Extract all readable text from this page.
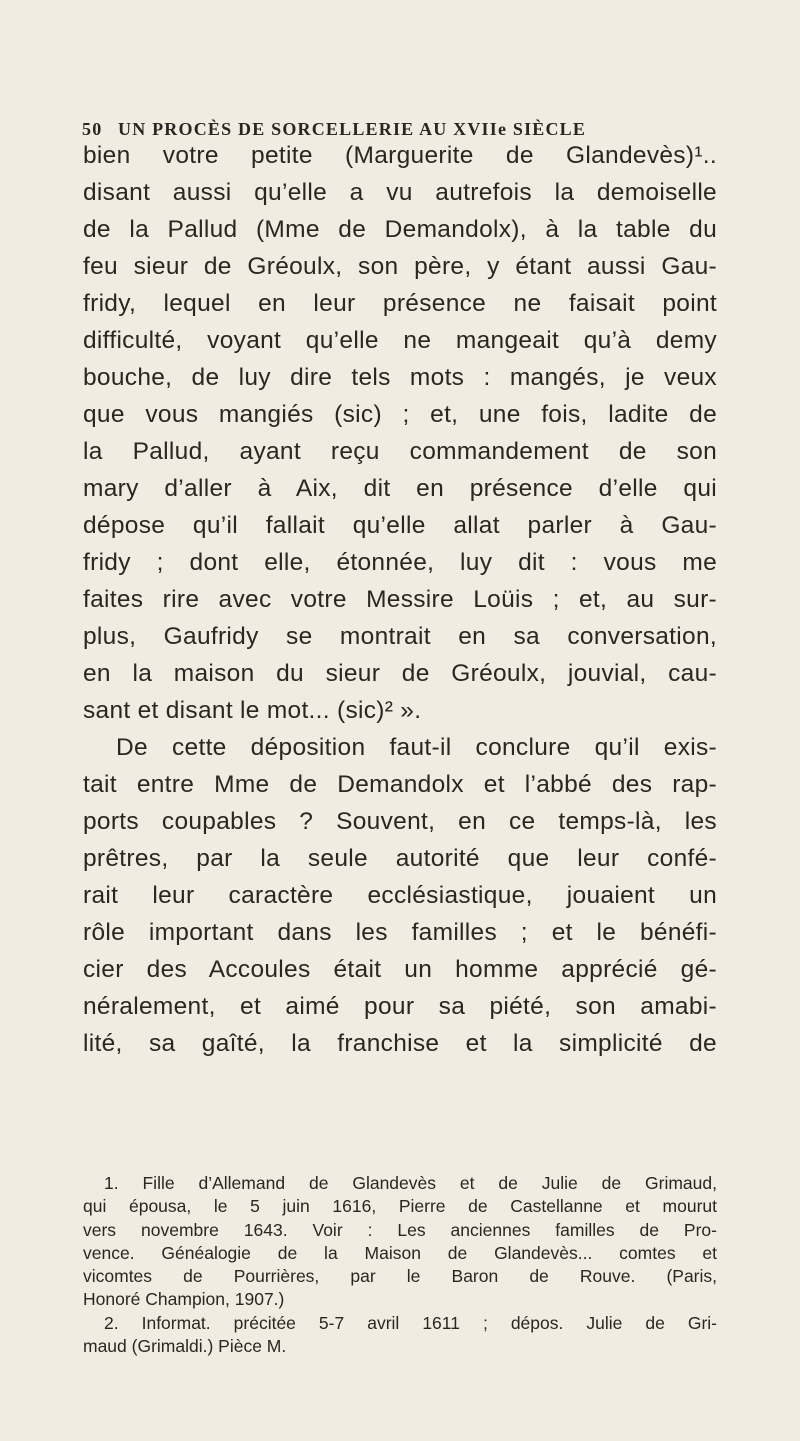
50 UN PROCÈS DE SORCELLERIE AU XVIIe SIÈCLE
bien votre petite (Marguerite de Glandevès)¹..
disant aussi qu’elle a vu autrefois la demoiselle
de la Pallud (Mme de Demandolx), à la table du
feu sieur de Gréoulx, son père, y étant aussi Gau-
fridy, lequel en leur présence ne faisait point
difficulté, voyant qu’elle ne mangeait qu’à demy
bouche, de luy dire tels mots : mangés, je veux
que vous mangiés (sic) ; et, une fois, ladite de
la Pallud, ayant reçu commandement de son
mary d’aller à Aix, dit en présence d’elle qui
dépose qu’il fallait qu’elle allat parler à Gau-
fridy ; dont elle, étonnée, luy dit : vous me
faites rire avec votre Messire Loüis ; et, au sur-
plus, Gaufridy se montrait en sa conversation,
en la maison du sieur de Gréoulx, jouvial, cau-
sant et disant le mot... (sic)² ».
De cette déposition faut-il conclure qu’il exis-
tait entre Mme de Demandolx et l’abbé des rap-
ports coupables ? Souvent, en ce temps-là, les
prêtres, par la seule autorité que leur confé-
rait leur caractère ecclésiastique, jouaient un
rôle important dans les familles ; et le bénéfi-
cier des Accoules était un homme apprécié gé-
néralement, et aimé pour sa piété, son amabi-
lité, sa gaîté, la franchise et la simplicité de
1. Fille d’Allemand de Glandevès et de Julie de Grimaud,
qui épousa, le 5 juin 1616, Pierre de Castellanne et mourut
vers novembre 1643. Voir : Les anciennes familles de Pro-
vence. Généalogie de la Maison de Glandevès... comtes et
vicomtes de Pourrières, par le Baron de Rouve. (Paris,
Honoré Champion, 1907.)
2. Informat. précitée 5-7 avril 1611 ; dépos. Julie de Gri-
maud (Grimaldi.) Pièce M.
